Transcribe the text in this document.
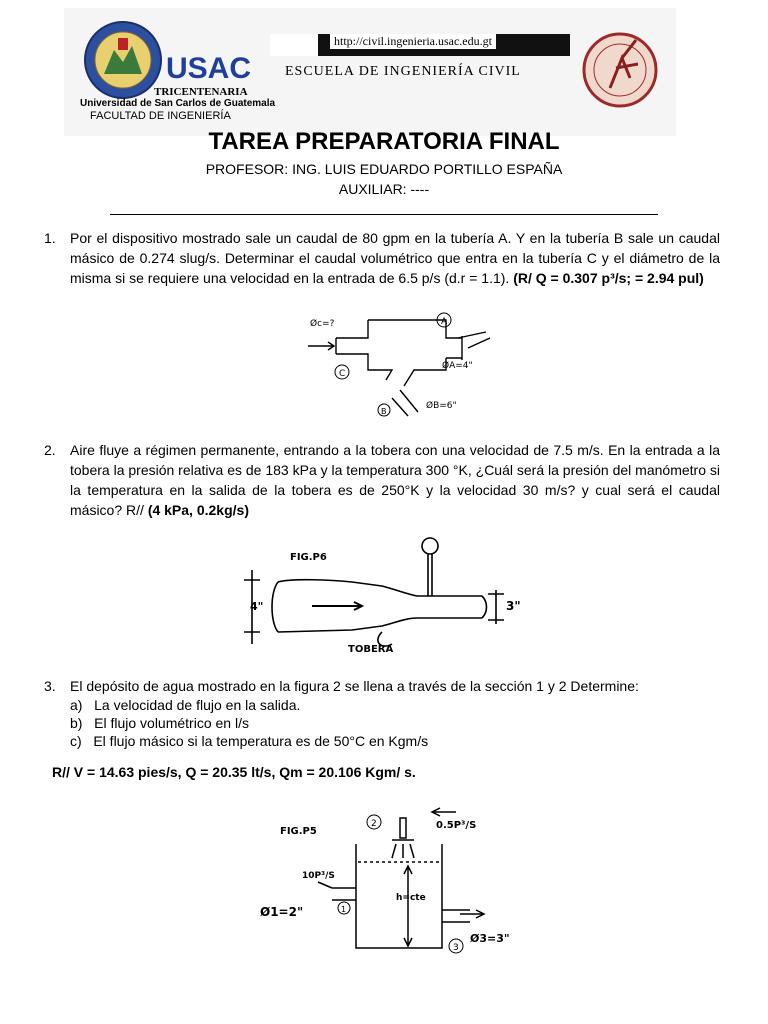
USAC
TRICENTENARIA
Universidad de San Carlos de Guatemala
FACULTAD DE INGENIERÍA
http://civil.ingenieria.usac.edu.gt
ESCUELA DE INGENIERÍA CIVIL
TAREA PREPARATORIA FINAL
PROFESOR: ING. LUIS EDUARDO PORTILLO ESPAÑA
AUXILIAR: ----
1.	Por el dispositivo mostrado sale un caudal de 80 gpm en la tubería A. Y en la tubería B sale un caudal másico de 0.274 slug/s. Determinar el caudal volumétrico que entra en la tubería C y el diámetro de la misma si se requiere una velocidad en la entrada de 6.5 p/s (d.r = 1.1). (R/ Q = 0.307 p³/s; = 2.94 pul)
C
A
B
Øc=?
ØA=4"
ØB=6"
2.	Aire fluye a régimen permanente, entrando a la tobera con una velocidad de 7.5 m/s. En la entrada a la tobera la presión relativa es de 183 kPa y la temperatura 300 °K, ¿Cuál será la presión del manómetro si la temperatura en la salida de la tobera es de 250°K y la velocidad 30 m/s? y cual será el caudal másico? R// (4 kPa, 0.2kg/s)
FIG.P6
4"	3"
TOBERA
3.	El depósito de agua mostrado en la figura 2 se llena a través de la sección 1 y 2 Determine:
a) La velocidad de flujo en la salida.
b) El flujo volumétrico en l/s
c) El flujo másico si la temperatura es de 50°C en Kgm/s
R// V = 14.63 pies/s, Q = 20.35 lt/s, Qm = 20.106 Kgm/ s.
FIG.P5
2	0.5P³/S
10P³/S
Ø1=2"	1
h=cte
3
Ø3=3"
